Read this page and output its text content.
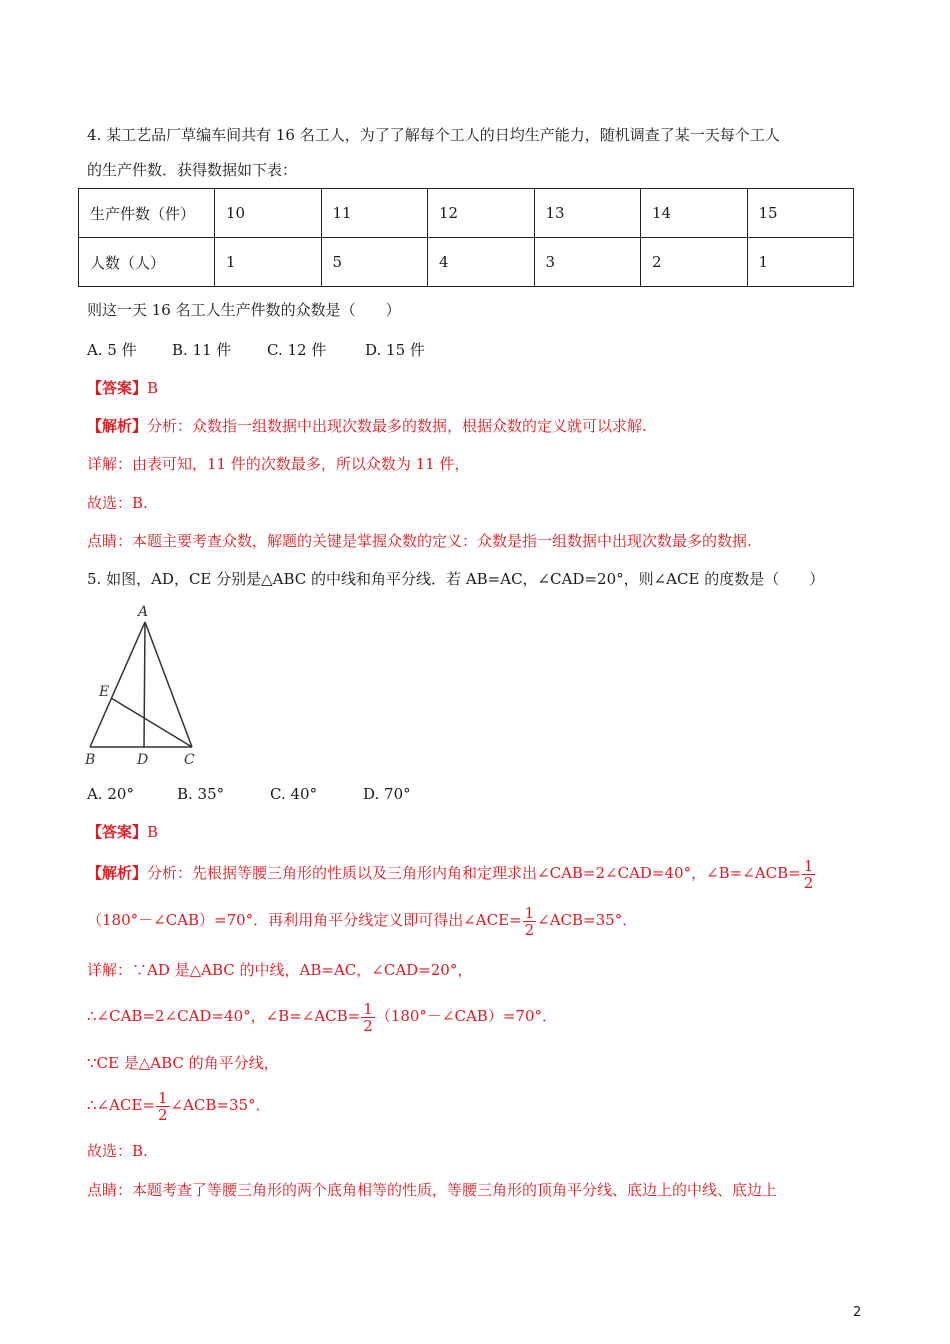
4. 某工艺品厂草编车间共有 16 名工人，为了了解每个工人的日均生产能力，随机调查了某一天每个工人
的生产件数．获得数据如下表：
生产件数（件）	10	11	12	13	14	15
人数（人）	1	5	4	3	2	1
则这一天 16 名工人生产件数的众数是（　　）
A. 5 件 B. 11 件 C. 12 件	D. 15 件
【答案】B
【解析】分析：众数指一组数据中出现次数最多的数据，根据众数的定义就可以求解.
详解：由表可知，11 件的次数最多，所以众数为 11 件，
故选：B.
点睛：本题主要考查众数，解题的关键是掌握众数的定义：众数是指一组数据中出现次数最多的数据.
5. 如图，AD，CE 分别是△ABC 的中线和角平分线．若 AB=AC，∠CAD=20°，则∠ACE 的度数是（　　）
A
E
B	D	C
A. 20°	B. 35°	C. 40°	D. 70°
【答案】B
【解析】分析：先根据等腰三角形的性质以及三角形内角和定理求出∠CAB=2∠CAD=40°，∠B=∠ACB= $\frac{1}{2}$
（180°－∠CAB）=70°．再利用角平分线定义即可得出∠ACE= $\frac{1}{2}$ ∠ACB=35°．
详解：∵AD 是△ABC 的中线，AB=AC，∠CAD=20°，
∴∠CAB=2∠CAD=40°，∠B=∠ACB= $\frac{1}{2}$ （180°－∠CAB）=70°．
∵CE 是△ABC 的角平分线，
∴∠ACE= $\frac{1}{2}$ ∠ACB=35°．
故选：B.
点睛：本题考查了等腰三角形的两个底角相等的性质，等腰三角形的顶角平分线、底边上的中线、底边上
2
